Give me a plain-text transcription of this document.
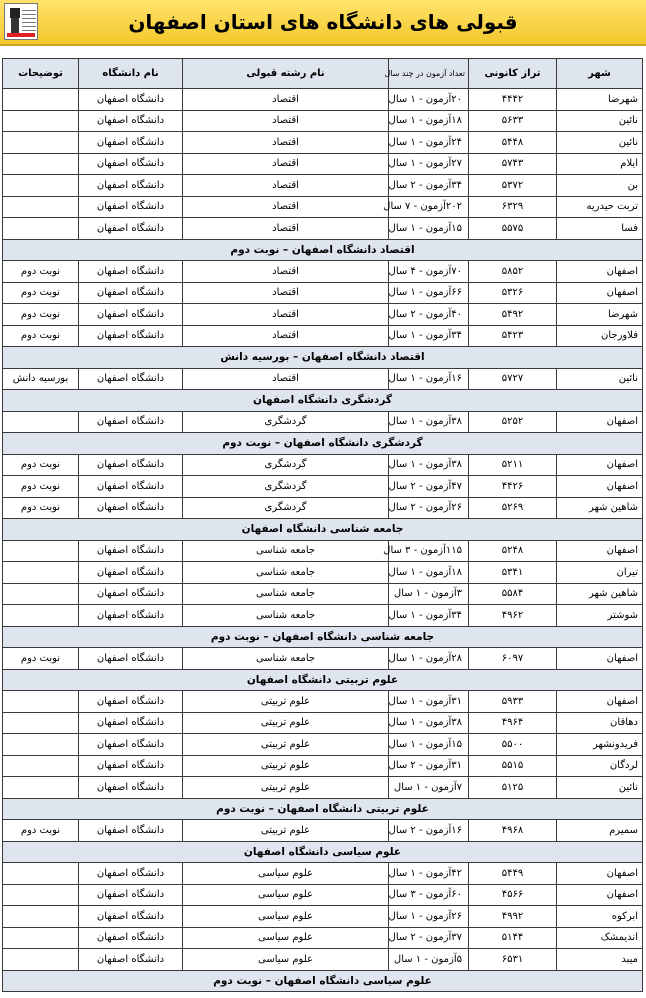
قبولی های دانشگاه های استان اصفهان
شهر	تراز کانونی	تعداد آزمون در چند سال	نام رشته قبولی	نام دانشگاه	توضیحات
شهرضا	۴۴۴۲	۲۰آزمون - ۱ سال	اقتصاد	دانشگاه اصفهان	
نائین	۵۶۳۳	۱۸آزمون - ۱ سال	اقتصاد	دانشگاه اصفهان	
نائین	۵۴۴۸	۲۴آزمون - ۱ سال	اقتصاد	دانشگاه اصفهان	
ایلام	۵۷۴۳	۲۷آزمون - ۱ سال	اقتصاد	دانشگاه اصفهان	
بن	۵۳۷۲	۳۴آزمون - ۲ سال	اقتصاد	دانشگاه اصفهان	
تربت حیدریه	۶۳۲۹	۲۰۲آزمون - ۷ سال	اقتصاد	دانشگاه اصفهان	
فسا	۵۵۷۵	۱۵آزمون - ۱ سال	اقتصاد	دانشگاه اصفهان	
اقتصاد دانشگاه اصفهان – نوبت دوم					
اصفهان	۵۸۵۲	۷۰آزمون - ۴ سال	اقتصاد	دانشگاه اصفهان	نوبت دوم
اصفهان	۵۳۲۶	۶۶آزمون - ۱ سال	اقتصاد	دانشگاه اصفهان	نوبت دوم
شهرضا	۵۴۹۲	۴۰آزمون - ۲ سال	اقتصاد	دانشگاه اصفهان	نوبت دوم
فلاورجان	۵۴۲۳	۳۴آزمون - ۱ سال	اقتصاد	دانشگاه اصفهان	نوبت دوم
اقتصاد دانشگاه اصفهان – بورسیه دانش					
نائین	۵۷۲۷	۱۶آزمون - ۱ سال	اقتصاد	دانشگاه اصفهان	بورسیه دانش
گردشگری دانشگاه اصفهان					
اصفهان	۵۲۵۲	۳۸آزمون - ۱ سال	گردشگری	دانشگاه اصفهان	
گردشگری دانشگاه اصفهان – نوبت دوم					
اصفهان	۵۲۱۱	۳۸آزمون - ۱ سال	گردشگری	دانشگاه اصفهان	نوبت دوم
اصفهان	۴۴۲۶	۴۷آزمون - ۲ سال	گردشگری	دانشگاه اصفهان	نوبت دوم
شاهین شهر	۵۲۶۹	۲۶آزمون - ۲ سال	گردشگری	دانشگاه اصفهان	نوبت دوم
جامعه شناسی دانشگاه اصفهان					
اصفهان	۵۲۴۸	۱۱۵آزمون - ۳ سال	جامعه شناسی	دانشگاه اصفهان	
تیران	۵۳۴۱	۱۸آزمون - ۱ سال	جامعه شناسی	دانشگاه اصفهان	
شاهین شهر	۵۵۸۴	۳آزمون - ۱ سال	جامعه شناسی	دانشگاه اصفهان	
شوشتر	۴۹۶۲	۳۴آزمون - ۱ سال	جامعه شناسی	دانشگاه اصفهان	
جامعه شناسی دانشگاه اصفهان – نوبت دوم					
اصفهان	۶۰۹۷	۲۸آزمون - ۱ سال	جامعه شناسی	دانشگاه اصفهان	نوبت دوم
علوم تربیتی دانشگاه اصفهان					
اصفهان	۵۹۳۳	۳۱آزمون - ۱ سال	علوم تربیتی	دانشگاه اصفهان	
دهاقان	۴۹۶۴	۳۸آزمون - ۱ سال	علوم تربیتی	دانشگاه اصفهان	
فریدونشهر	۵۵۰۰	۱۵آزمون - ۱ سال	علوم تربیتی	دانشگاه اصفهان	
لردگان	۵۵۱۵	۳۱آزمون - ۲ سال	علوم تربیتی	دانشگاه اصفهان	
نائین	۵۱۲۵	۷آزمون - ۱ سال	علوم تربیتی	دانشگاه اصفهان	
علوم تربیتی دانشگاه اصفهان – نوبت دوم					
سمیرم	۴۹۶۸	۱۶آزمون - ۲ سال	علوم تربیتی	دانشگاه اصفهان	نوبت دوم
علوم سیاسی دانشگاه اصفهان					
اصفهان	۵۴۴۹	۴۲آزمون - ۱ سال	علوم سیاسی	دانشگاه اصفهان	
اصفهان	۴۵۶۶	۶۰آزمون - ۳ سال	علوم سیاسی	دانشگاه اصفهان	
ابرکوه	۴۹۹۲	۲۶آزمون - ۱ سال	علوم سیاسی	دانشگاه اصفهان	
اندیمشک	۵۱۴۴	۳۷آزمون - ۲ سال	علوم سیاسی	دانشگاه اصفهان	
میبد	۶۵۳۱	۵آزمون - ۱ سال	علوم سیاسی	دانشگاه اصفهان	
علوم سیاسی دانشگاه اصفهان – نوبت دوم					
